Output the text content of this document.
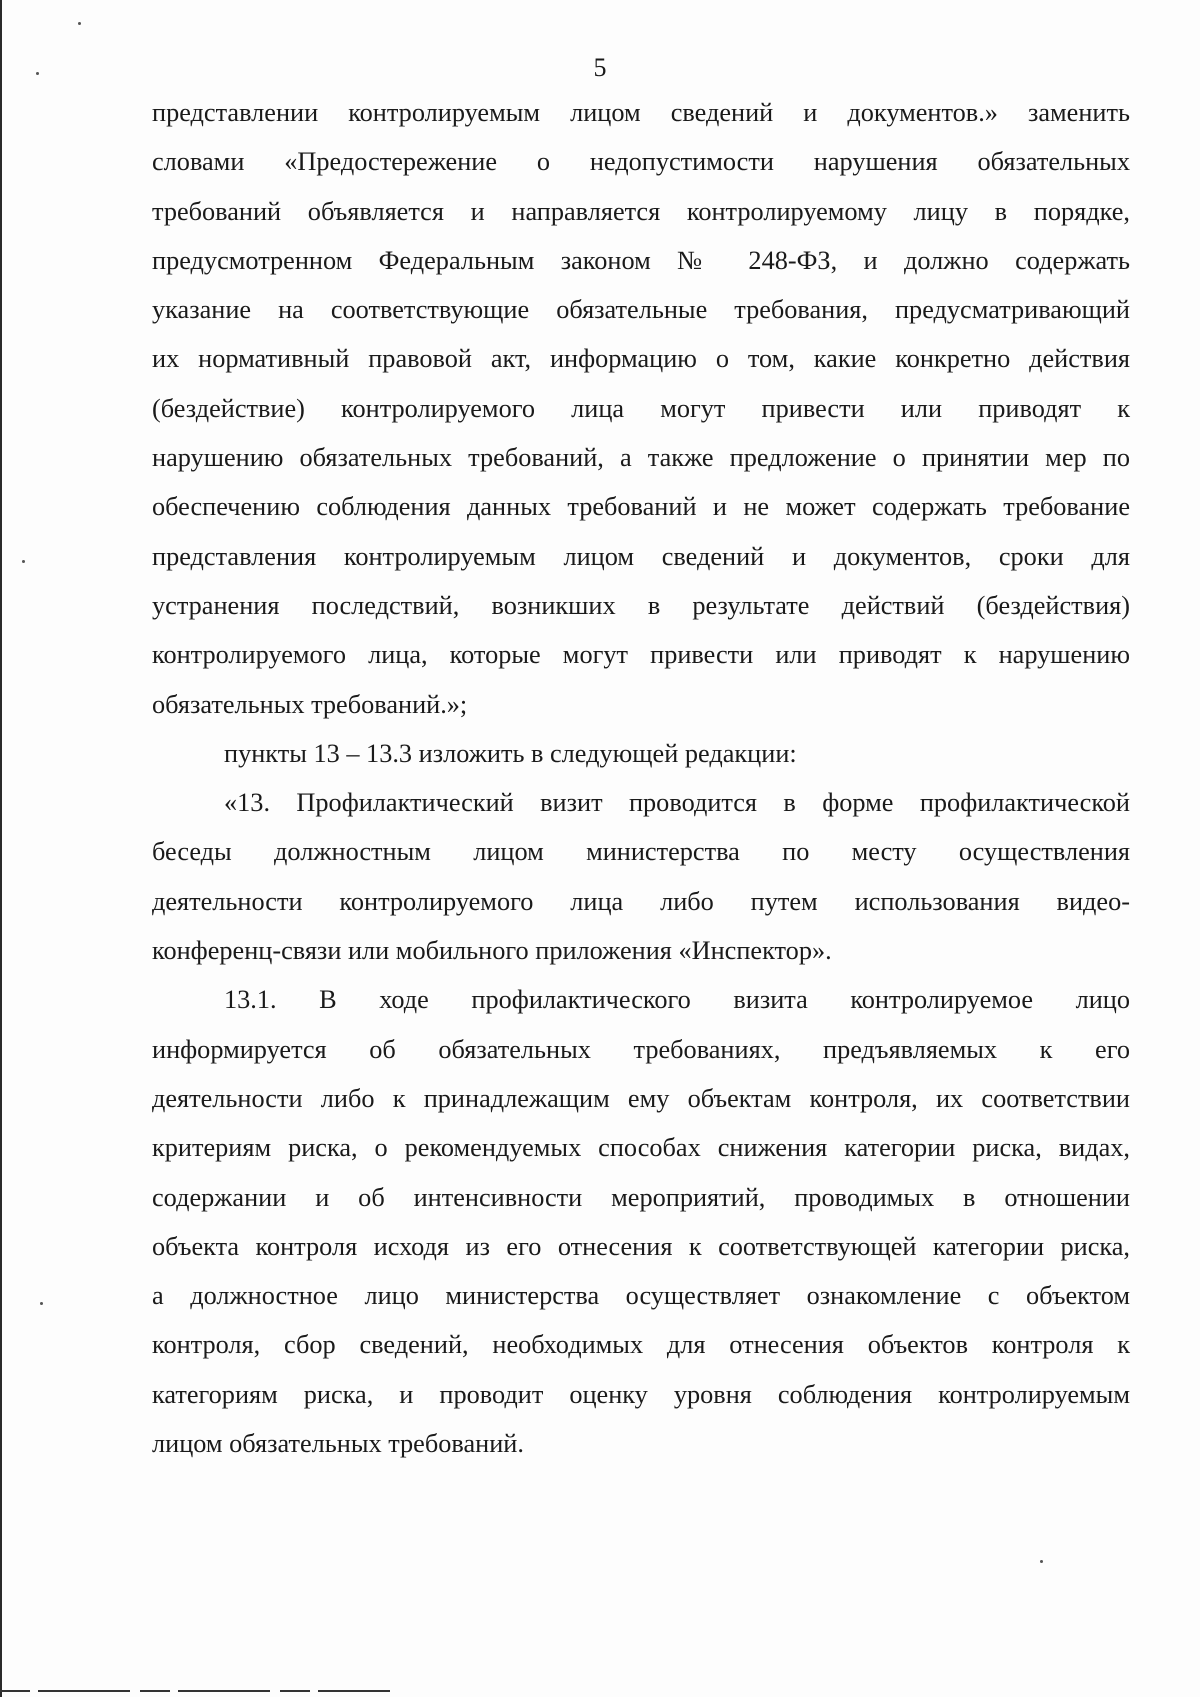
5
представлении контролируемым лицом сведений и документов.» заменить
словами «Предостережение о недопустимости нарушения обязательных
требований объявляется и направляется контролируемому лицу в порядке,
предусмотренном Федеральным законом № 248-ФЗ, и должно содержать
указание на соответствующие обязательные требования, предусматривающий
их нормативный правовой акт, информацию о том, какие конкретно действия
(бездействие) контролируемого лица могут привести или приводят к
нарушению обязательных требований, а также предложение о принятии мер по
обеспечению соблюдения данных требований и не может содержать требование
представления контролируемым лицом сведений и документов, сроки для
устранения последствий, возникших в результате действий (бездействия)
контролируемого лица, которые могут привести или приводят к нарушению
обязательных требований.»;
пункты 13 – 13.3 изложить в следующей редакции:
«13. Профилактический визит проводится в форме профилактической
беседы должностным лицом министерства по месту осуществления
деятельности контролируемого лица либо путем использования видео-
конференц-связи или мобильного приложения «Инспектор».
13.1. В ходе профилактического визита контролируемое лицо
информируется об обязательных требованиях, предъявляемых к его
деятельности либо к принадлежащим ему объектам контроля, их соответствии
критериям риска, о рекомендуемых способах снижения категории риска, видах,
содержании и об интенсивности мероприятий, проводимых в отношении
объекта контроля исходя из его отнесения к соответствующей категории риска,
а должностное лицо министерства осуществляет ознакомление с объектом
контроля, сбор сведений, необходимых для отнесения объектов контроля к
категориям риска, и проводит оценку уровня соблюдения контролируемым
лицом обязательных требований.
